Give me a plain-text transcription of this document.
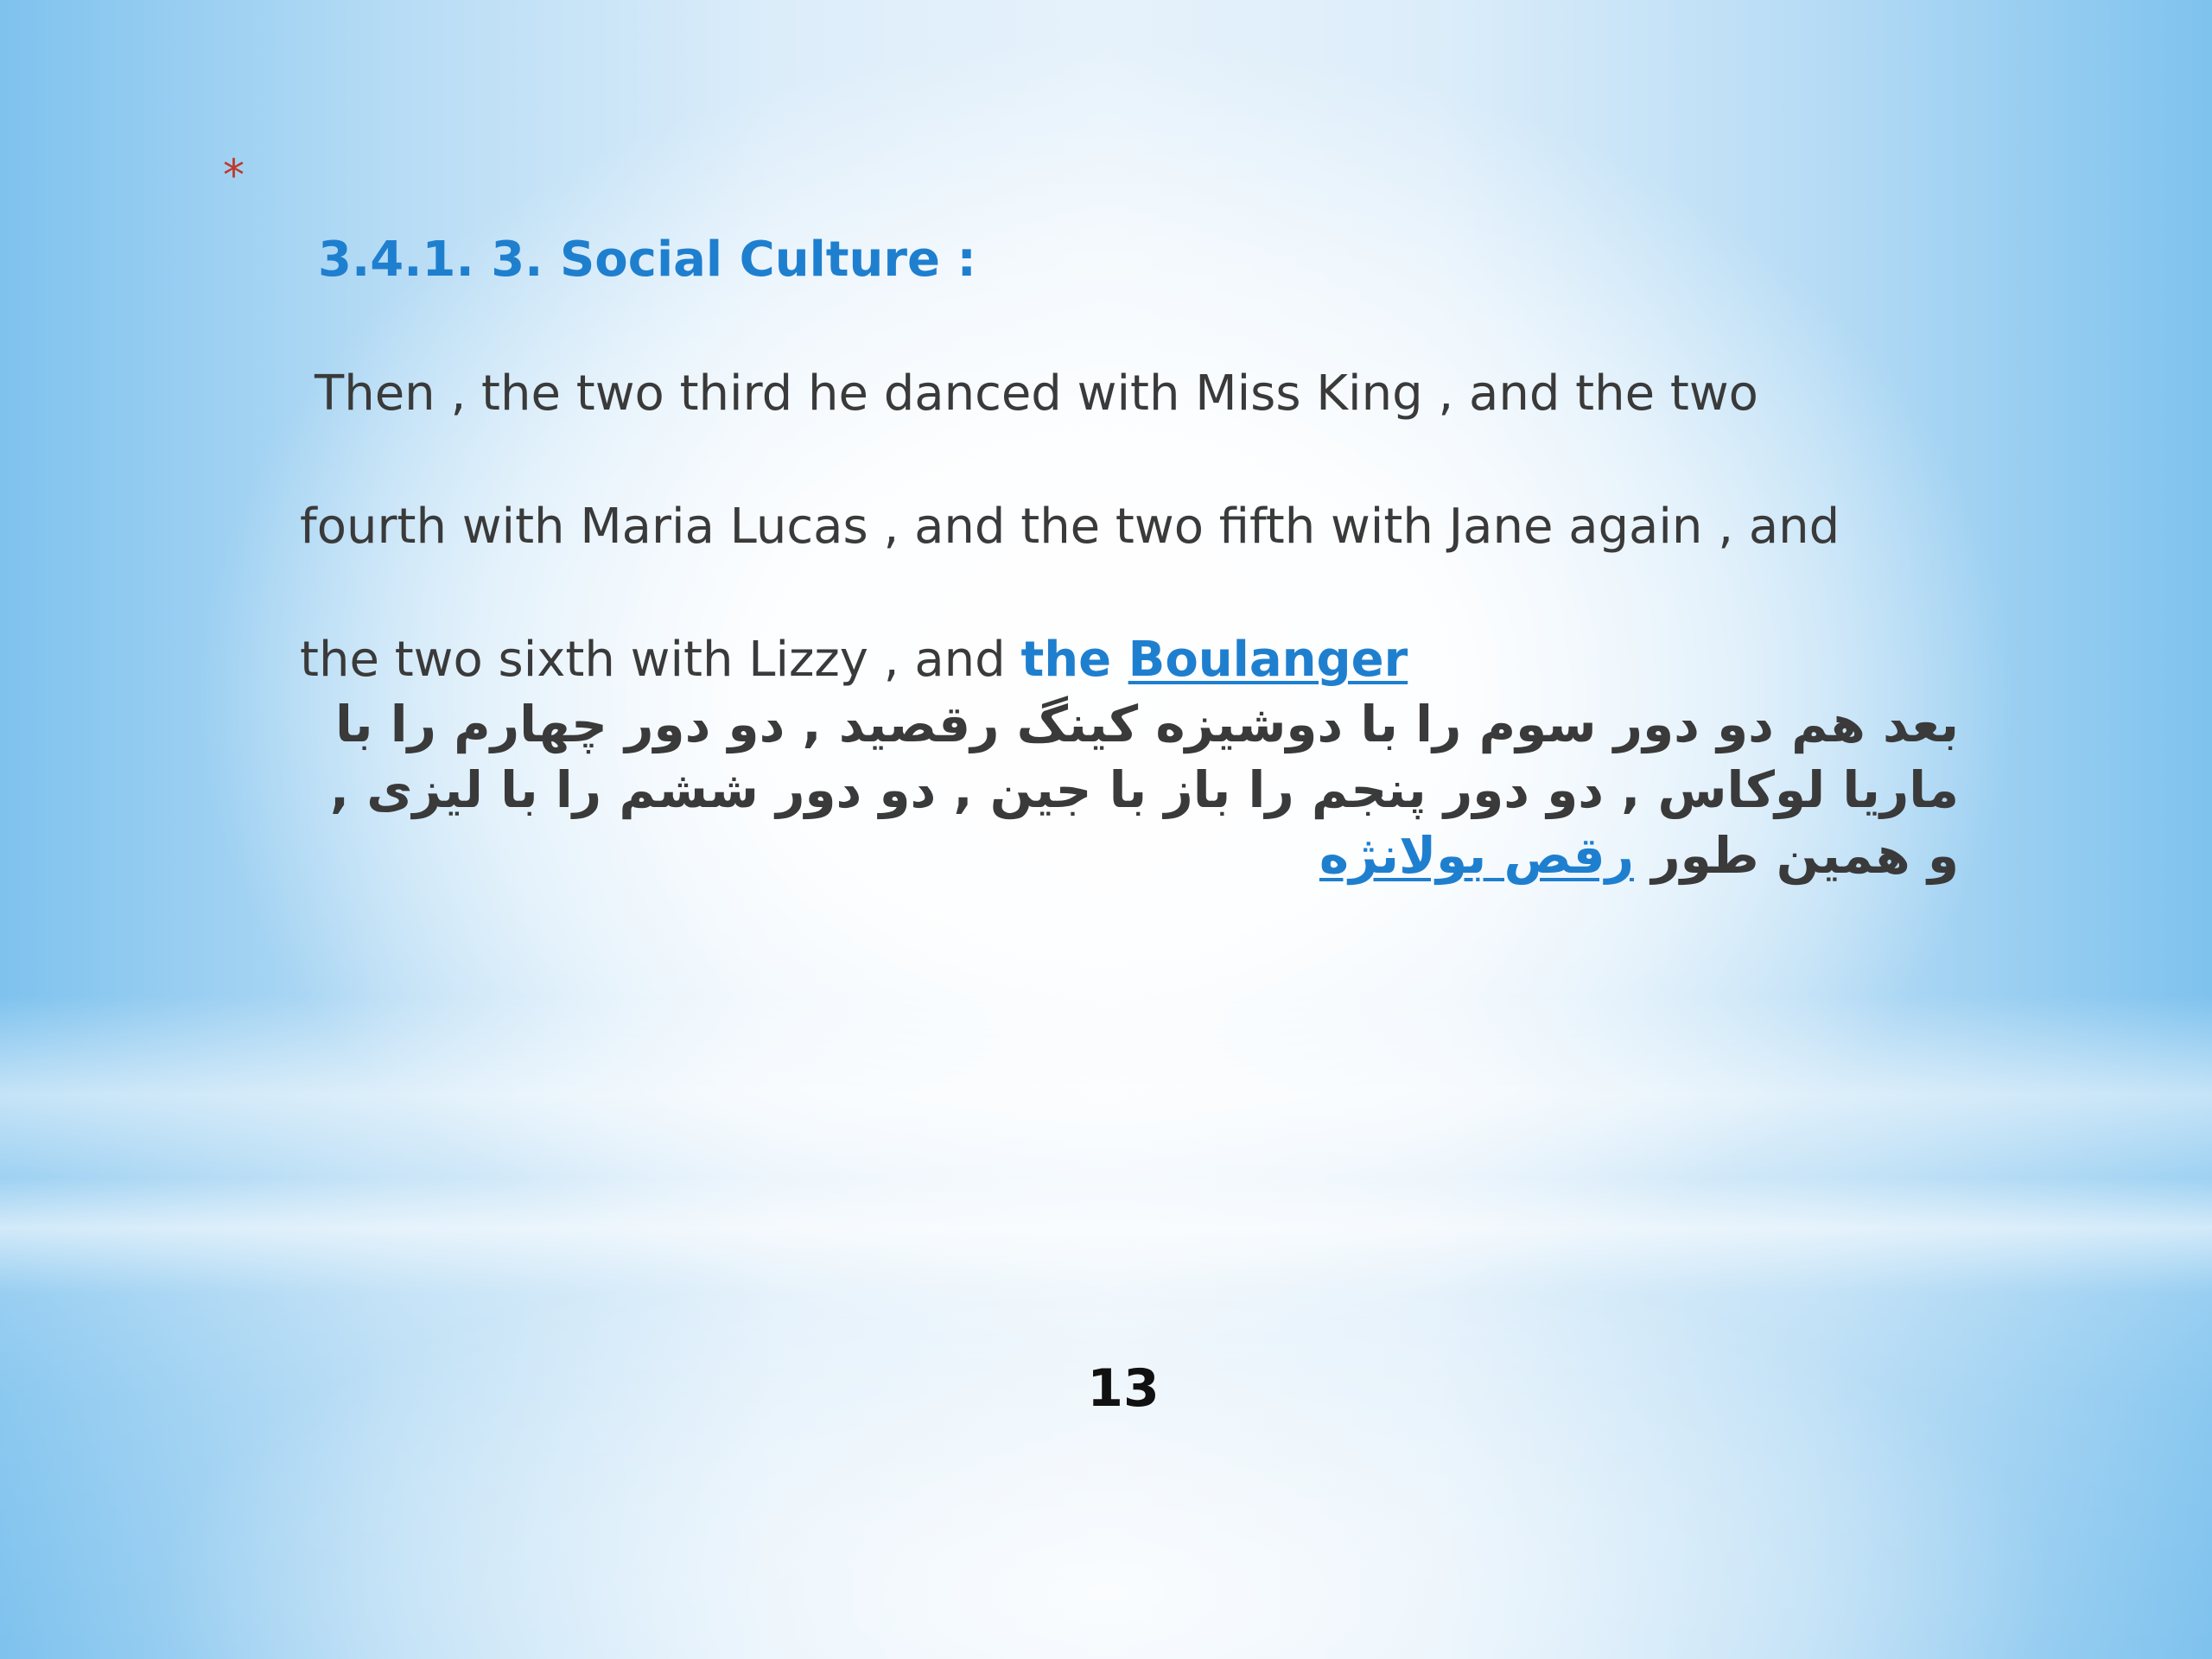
*
3.4.1. 3. Social Culture :
Then , the two third he danced with Miss King , and the two
fourth with Maria Lucas , and the two fifth with Jane again , and
the two sixth with Lizzy , and the Boulanger
بعد هم دو دور سوم را با دوشیزه کینگ رقصید , دو دور چهارم را با
ماریا لوکاس , دو دور پنجم را باز با جین , دو دور ششم را با لیزی ,
و همین طور رقص بولانژه
13
